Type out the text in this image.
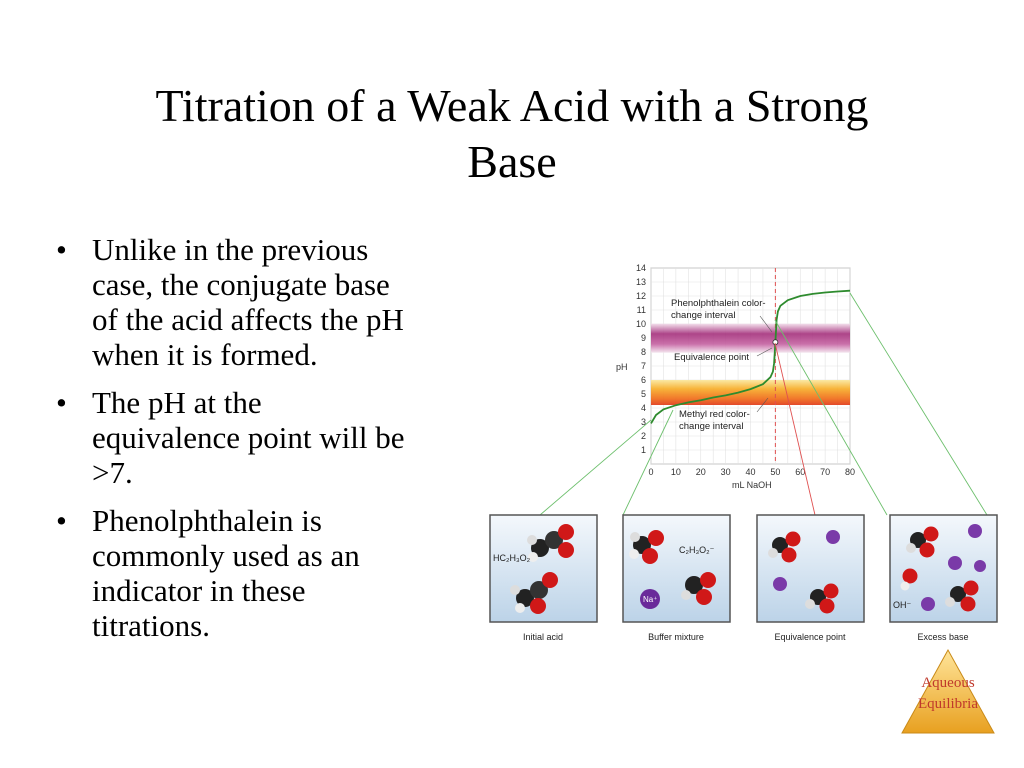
Titration of a Weak Acid with a Strong
Base
• Unlike in the previous
case, the conjugate base
of the acid affects the pH
when it is formed.
• The pH at the
equivalence point will be
>7.
• Phenolphthalein is
commonly used as an
indicator in these
titrations.
0 10 20 30 40 50 60 70 80
1
2
3
4
5
6
7
8
9
10
11
12
13
14
pH
mL NaOH
Phenolphthalein color- change interval
Equivalence point
Methyl red color- change interval
HC₂H₃O₂
Initial acid
Na⁺
C₂H₃O₂⁻
Buffer mixture	Equivalence point
OH⁻
Excess base
Aqueous
Equilibria
